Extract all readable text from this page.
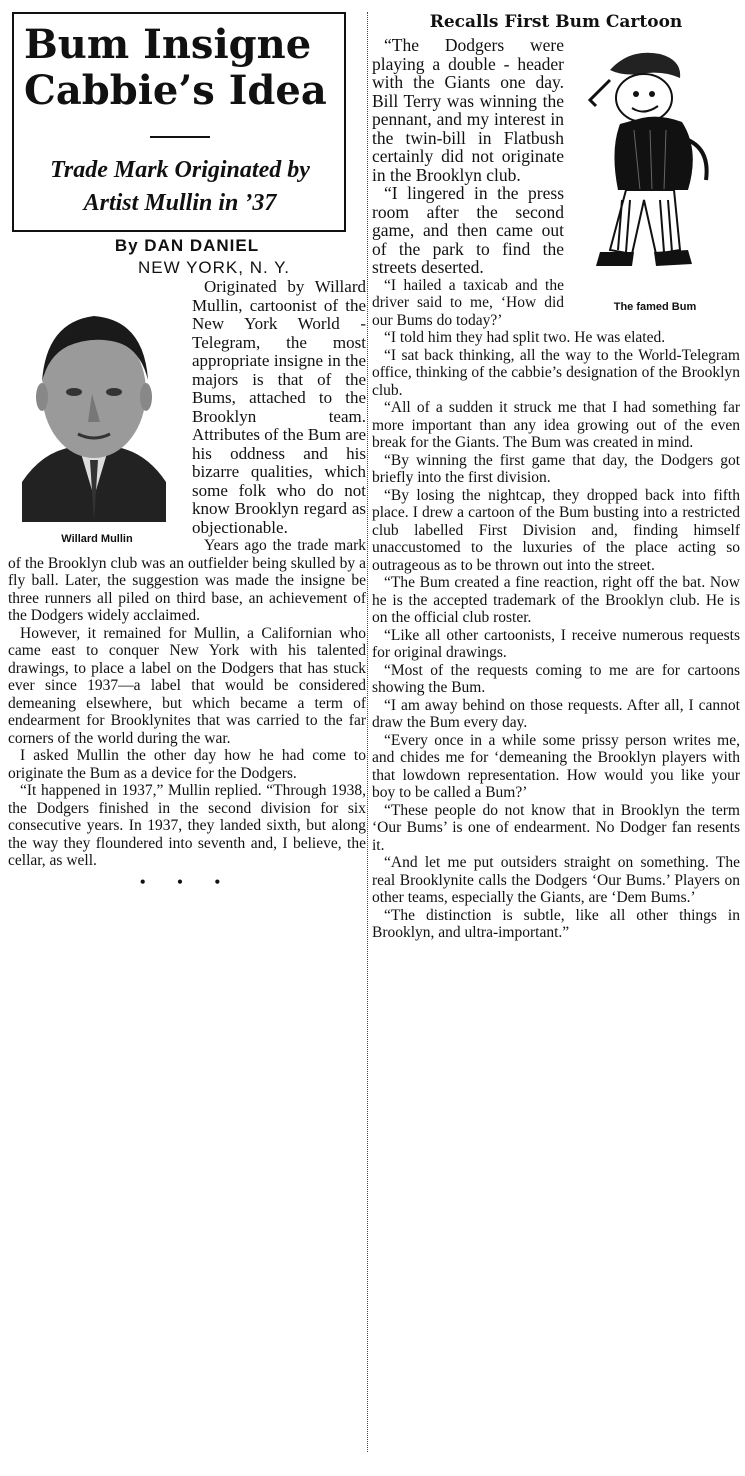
Bum Insigne Cabbie’s Idea

Trade Mark Originated by Artist Mullin in ’37

By DAN DANIEL

NEW YORK, N. Y.

Willard Mullin

Originated by Willard Mullin, cartoonist of the New York World - Telegram, the most appropriate insigne in the majors is that of the Bums, attached to the Brooklyn team. Attributes of the Bum are his oddness and his bizarre qualities, which some folk who do not know Brooklyn regard as objectionable.

Years ago the trade mark of the Brooklyn club was an outfielder being skulled by a fly ball. Later, the suggestion was made the insigne be three runners all piled on third base, an achievement of the Dodgers widely acclaimed.

However, it remained for Mullin, a Californian who came east to conquer New York with his talented drawings, to place a label on the Dodgers that has stuck ever since 1937—a label that would be considered demeaning elsewhere, but which became a term of endearment for Brooklynites that was carried to the far corners of the world during the war.

I asked Mullin the other day how he had come to originate the Bum as a device for the Dodgers.

“It happened in 1937,” Mullin replied. “Through 1938, the Dodgers finished in the second division for six consecutive years. In 1937, they landed sixth, but along the way they floundered into seventh and, I believe, the cellar, as well.

• • •
Recalls First Bum Cartoon
The famed Bum

“The Dodgers were playing a double - header with the Giants one day. Bill Terry was winning the pennant, and my interest in the twin-bill in Flatbush certainly did not originate in the Brooklyn club.

“I lingered in the press room after the second game, and then came out of the park to find the streets deserted.

“I hailed a taxicab and the driver said to me, ‘How did our Bums do today?’

“I told him they had split two. He was elated.

“I sat back thinking, all the way to the World-Telegram office, thinking of the cabbie’s designation of the Brooklyn club.

“All of a sudden it struck me that I had something far more important than any idea growing out of the even break for the Giants. The Bum was created in mind.

“By winning the first game that day, the Dodgers got briefly into the first division.

“By losing the nightcap, they dropped back into fifth place. I drew a cartoon of the Bum busting into a restricted club labelled First Division and, finding himself unaccustomed to the luxuries of the place acting so outrageous as to be thrown out into the street.

“The Bum created a fine reaction, right off the bat. Now he is the accepted trademark of the Brooklyn club. He is on the official club roster.

“Like all other cartoonists, I receive numerous requests for original drawings.

“Most of the requests coming to me are for cartoons showing the Bum.

“I am away behind on those requests. After all, I cannot draw the Bum every day.

“Every once in a while some prissy person writes me, and chides me for ‘demeaning the Brooklyn players with that lowdown representation. How would you like your boy to be called a Bum?’

“These people do not know that in Brooklyn the term ‘Our Bums’ is one of endearment. No Dodger fan resents it.

“And let me put outsiders straight on something. The real Brooklynite calls the Dodgers ‘Our Bums.’ Players on other teams, especially the Giants, are ‘Dem Bums.’

“The distinction is subtle, like all other things in Brooklyn, and ultra-important.”
